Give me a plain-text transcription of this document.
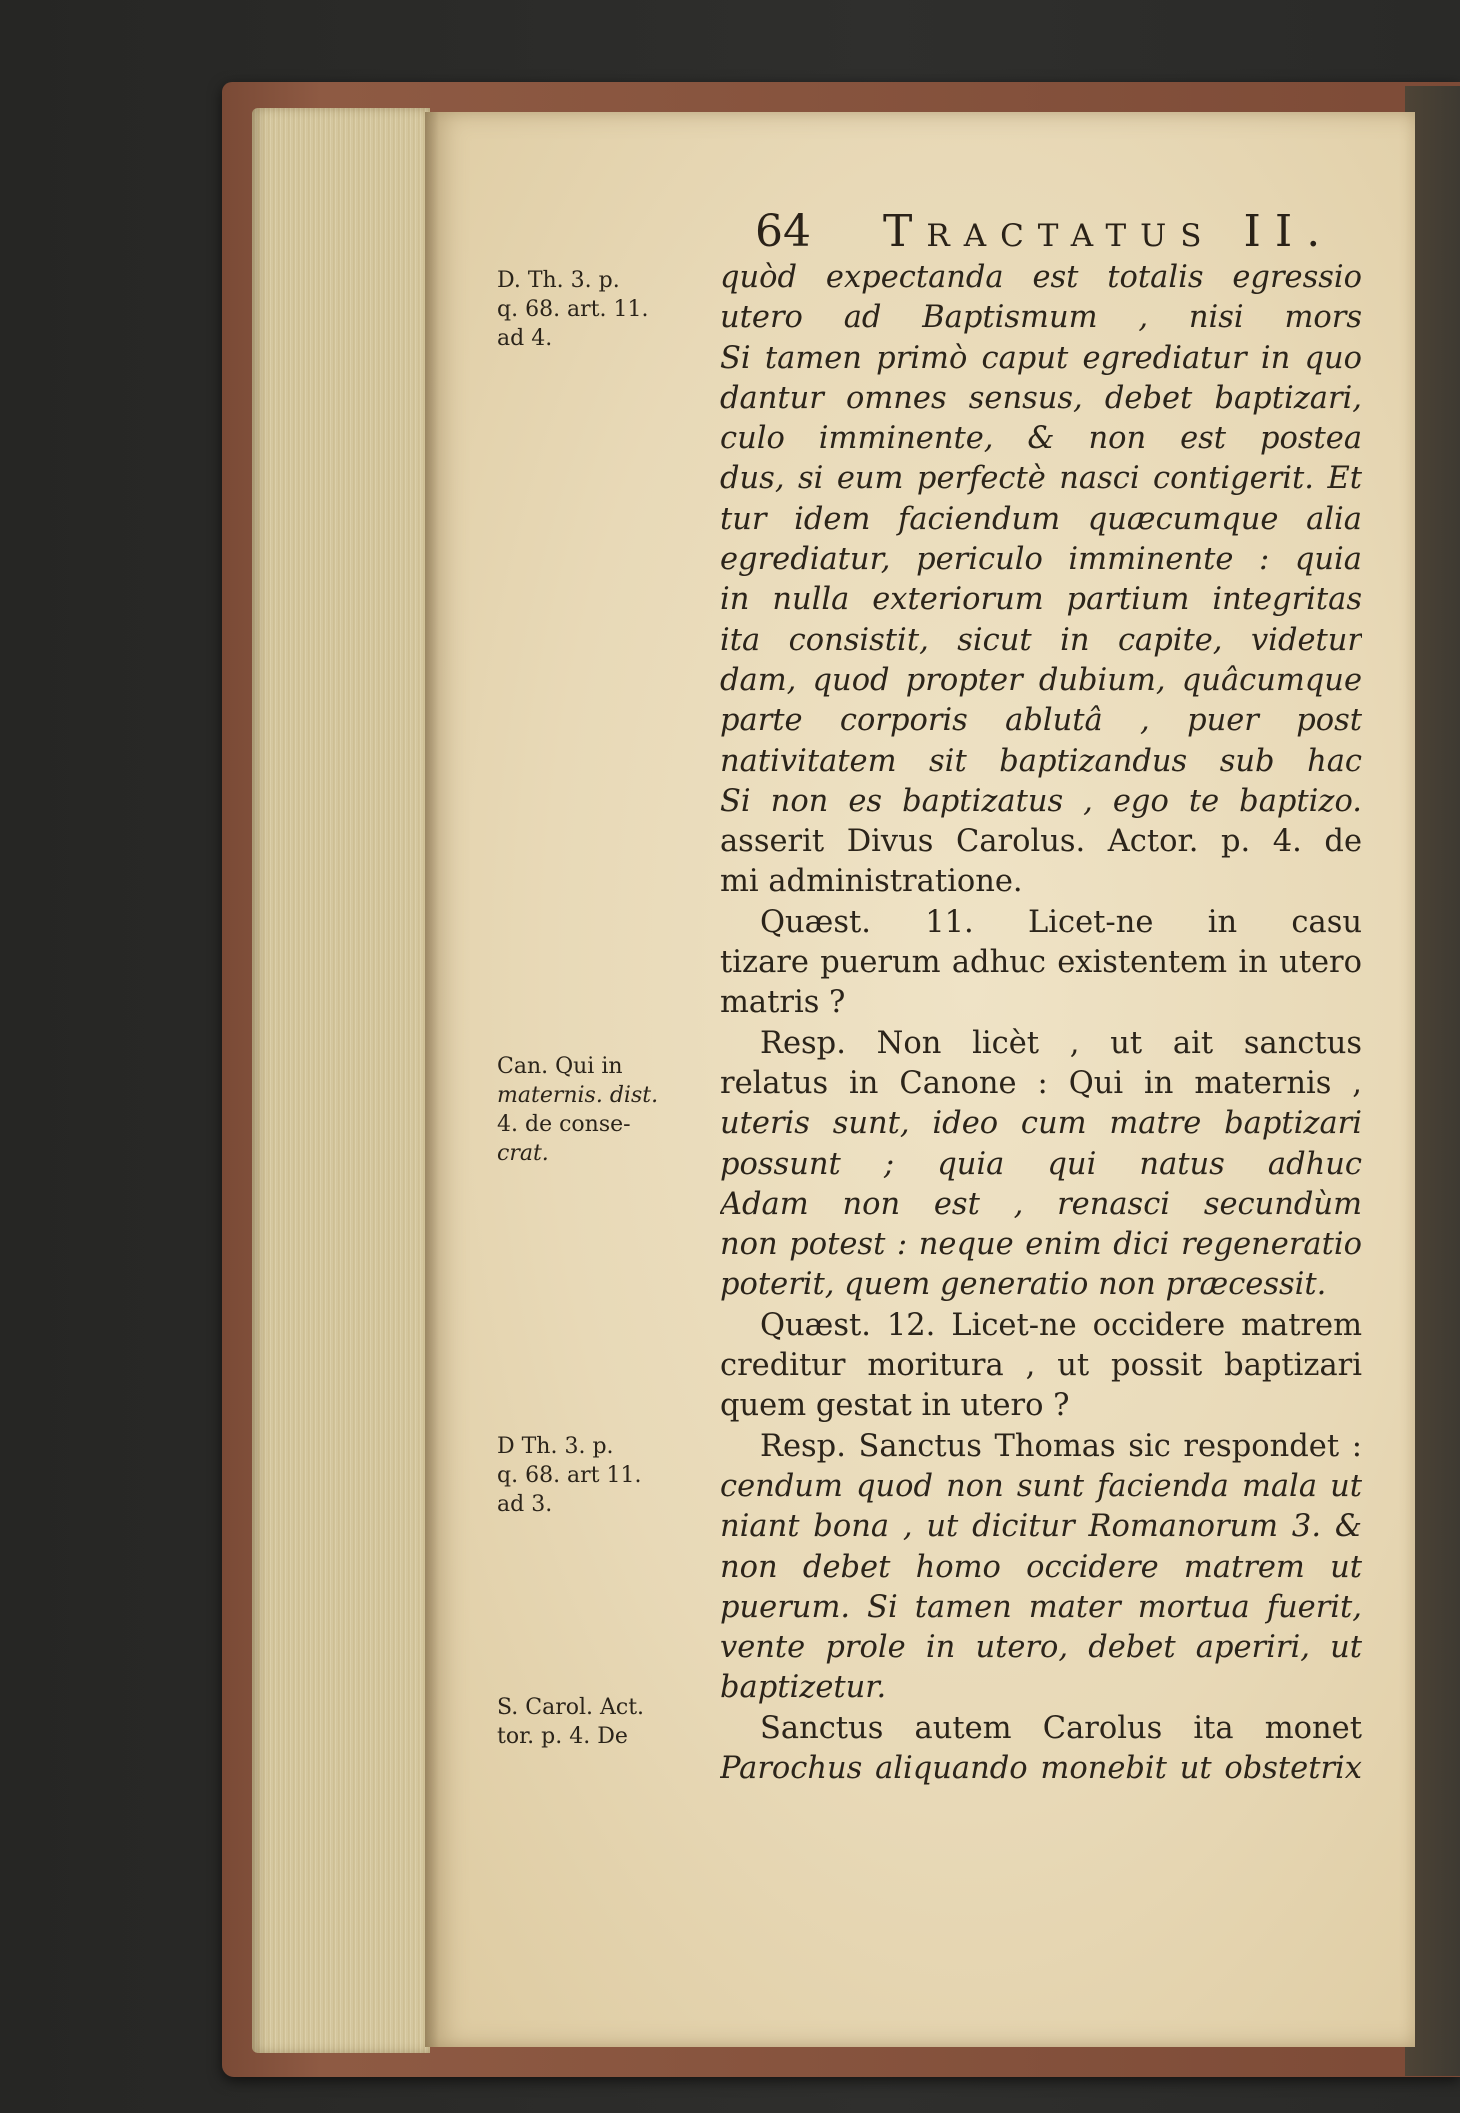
64 Tractatus II.
D. Th. 3. p.
q. 68. art. 11.
ad 4.
Can. Qui in
maternis. dist.
4. de conse-
crat.
D Th. 3. p.
q. 68. art 11.
ad 3.
S. Carol. Act.
tor. p. 4. De
quòd expectanda est totalis egressio
utero ad Baptismum , nisi mors
Si tamen primò caput egrediatur in quo
dantur omnes sensus, debet baptizari,
culo imminente, & non est postea
dus, si eum perfectè nasci contigerit. Et
tur idem faciendum quæcumque alia
egrediatur, periculo imminente : quia
in nulla exteriorum partium integritas
ita consistit, sicut in capite, videtur
dam, quod propter dubium, quâcumque
parte corporis ablutâ , puer post
nativitatem sit baptizandus sub hac
Si non es baptizatus , ego te baptizo.
asserit Divus Carolus. Actor. p. 4. de
mi administratione.
Quæst. 11. Licet-ne in casu
tizare puerum adhuc existentem in utero
matris ?
Resp. Non licèt , ut ait sanctus
relatus in Canone : Qui in maternis ,
uteris sunt, ideo cum matre baptizari
possunt ; quia qui natus adhuc
Adam non est , renasci secundùm
non potest : neque enim dici regeneratio
poterit, quem generatio non præcessit.
Quæst. 12. Licet-ne occidere matrem
creditur moritura , ut possit baptizari
quem gestat in utero ?
Resp. Sanctus Thomas sic respondet :
cendum quod non sunt facienda mala ut
niant bona , ut dicitur Romanorum 3. &
non debet homo occidere matrem ut
puerum. Si tamen mater mortua fuerit,
vente prole in utero, debet aperiri, ut
baptizetur.
Sanctus autem Carolus ita monet
Parochus aliquando monebit ut obstetrix
